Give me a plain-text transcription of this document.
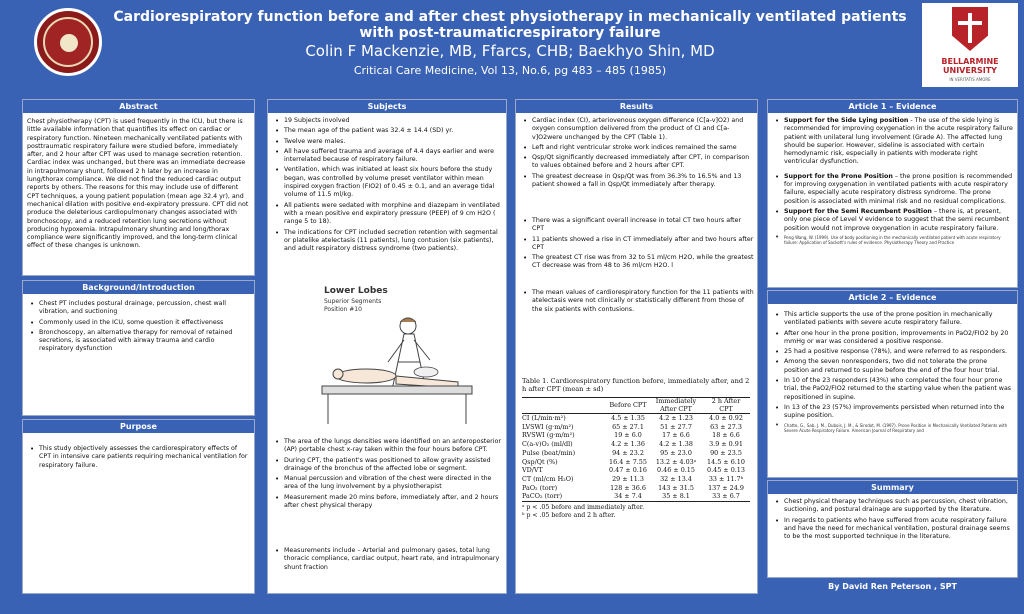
Cardiorespiratory function before and after chest physiotherapy in mechanically ventilated patients
with post-traumaticrespiratory failure
Colin F Mackenzie, MB, Ffarcs, CHB; Baekhyo Shin, MD
Critical Care Medicine, Vol 13, No.6, pg 483 – 485 (1985)
BELLARMINE UNIVERSITY
IN VERITATIS AMORE
Abstract
Chest physiotherapy (CPT) is used frequently in the ICU, but there is little available information that quantifies its effect on cardiac or respiratory function. Nineteen mechanically ventilated patients with posttraumatic respiratory failure were studied before, immediately after, and 2 hour after CPT was used to manage secretion retention. Cardiac index was unchanged, but there was an immediate decrease in intrapulmonary shunt, followed 2 h later by an increase in lung/thorax compliance. We did not find the reduced cardiac output reports by others. The reasons for this may include use of different CPT techniques, a young patient population (mean age 32.4 yr), and mechanical dilation with positive end-expiratory pressure. CPT did not produce the deleterious cardiopulmonary changes associated with bronchoscopy, and a reduced retention lung secretions without producing hypoxemia. Intrapulmonary shunting and long/thorax compliance were significantly improved, and the long-term clinical effect of these changes is unknown.
Background/Introduction
• Chest PT includes postural drainage, percussion, chest wall vibration, and suctioning
• Commonly used in the ICU, some question it effectiveness
• Bronchoscopy, an alternative therapy for removal of retained secretions, is associated with airway trauma and cardio respiratory dysfunction
Purpose
• This study objectively assesses the cardiorespiratory effects of CPT in intensive care patients requiring mechanical ventilation for respiratory failure.
Subjects
• 19 Subjects involved
• The mean age of the patient was 32.4 ± 14.4 (SD) yr.
• Twelve were males.
• All have suffered trauma and average of 4.4 days earlier and were interrelated because of respiratory failure.
• Ventilation, which was initiated at least six hours before the study began, was controlled by volume preset ventilator within mean inspired oxygen fraction (FIO2) of 0.45 ± 0.1, and an average tidal volume of 11.5 ml/kg.
• All patients were sedated with morphine and diazepam in ventilated with a mean positive end expiratory pressure (PEEP) of 9 cm H2O ( range 5 to 18).
• The indications for CPT included secretion retention with segmental or platelike atelectasis (11 patients), lung contusion (six patients), and adult respiratory distress syndrome (two patients).
Lower Lobes
Superior Segments
Position #10
• The area of the lungs densities were identified on an anteroposterior (AP) portable chest x-ray taken within the four hours before CPT.
• During CPT, the patient's was positioned to allow gravity assisted drainage of the bronchus of the affected lobe or segment.
• Manual percussion and vibration of the chest were directed in the area of the lung involvement by a physiotherapist
• Measurement made 20 mins before, immediately after, and 2 hours after chest physical therapy
• Measurements include – Arterial and pulmonary gases, total lung thoracic compliance, cardiac output, heart rate, and intrapulmonary shunt fraction
Results
• Cardiac index (CI), arteriovenous oxygen difference (C[a-v]O2) and oxygen consumption delivered from the product of CI and C[a-v]O2were unchanged by the CPT (Table 1).
• Left and right ventricular stroke work indices remained the same
• Qsp/Qt significantly decreased immediately after CPT, in comparison to values obtained before and 2 hours after CPT.
• The greatest decrease in Qsp/Qt was from 36.3% to 16.5% and 13 patient showed a fall in Qsp/Qt immediately after therapy.
• There was a significant overall increase in total CT two hours after CPT
• 11 patients showed a rise in CT immediately after and two hours after CPT
• The greatest CT rise was from 32 to 51 ml/cm H2O, while the greatest CT decrease was from 48 to 36 ml/cm H2O. l
• The mean values of cardiorespiratory function for the 11 patients with atelectasis were not clinically or statistically different from those of the six patients with contusions.
Table 1. Cardiorespiratory function before, immediately after, and 2 h after CPT (mean ± sd)
	Before CPT	Immediately After CPT	2 h After CPT
CI (L/min·m²)	4.5 ± 1.35	4.2 ± 1.23	4.0 ± 0.92
LVSWI (g·m/m²)	65 ± 27.1	51 ± 27.7	63 ± 27.3
RVSWI (g·m/m²)	19 ± 6.0	17 ± 6.6	18 ± 6.6
C(a-v)O₂ (ml/dl)	4.2 ± 1.36	4.2 ± 1.38	3.9 ± 0.91
Pulse (beat/min)	94 ± 23.2	95 ± 23.0	90 ± 23.5
Qsp/Qt (%)	16.4 ± 7.55	13.2 ± 4.03ᵃ	14.5 ± 6.10
VD/VT	0.47 ± 0.16	0.46 ± 0.15	0.45 ± 0.13
CT (ml/cm H₂O)	29 ± 11.3	32 ± 13.4	33 ± 11.7ᵇ
PaO₂ (torr)	128 ± 36.6	143 ± 31.5	137 ± 24.9
PaCO₂ (torr)	34 ± 7.4	35 ± 8.1	33 ± 6.7
ᵃ p < .05 before and immediately after.
ᵇ p < .05 before and 2 h after.
Article 1 – Evidence
• Support for the Side Lying position - The use of the side lying is recommended for improving oxygenation in the acute respiratory failure patient with unilateral lung involvement (Grade A). The affected lung should be superior. However, sideline is associated with certain hemodynamic risk, especially in patients with moderate right ventricular dysfunction.
• Support for the Prone Position – the prone position is recommended for improving oxygenation in ventilated patients with acute respiratory failure, especially acute respiratory distress syndrome. The prone position is associated with minimal risk and no residual complications.
• Support for the Semi Recumbent Position – there is, at present, only one piece of Level V evidence to suggest that the semi recumbent position would not improve oxygenation in acute respiratory failure.
• Peng Wang, W. (1999). Use of body positioning in the mechanically ventilated patient with acute respiratory failure: Application of Sackett's rules of evidence. Physiotherapy Theory and Practice
Article 2 – Evidence
• This article supports the use of the prone position in mechanically ventilated patients with severe acute respiratory failure.
• After one hour in the prone position, improvements in PaO2/FIO2 by 20 mmHg or war was considered a positive response.
• 25 had a positive response (78%), and were referred to as responders.
• Among the seven nonresponders, two did not tolerate the prone position and returned to supine before the end of the four hour trial.
• In 10 of the 23 responders (43%) who completed the four hour prone trial, the PaO2/FIO2 returned to the starting value when the patient was repositioned in supine.
• In 13 of the 23 (57%) improvements persisted when returned into the supine position.
• Chatte, G., Sab, J. M., Dubois, J. M., & Sirodot, M. (1997). Prone Position in Mechanically Ventilated Patients with Severe Acute Respiratory Failure. American Journal of Respiratory and
Summary
• Chest physical therapy techniques such as percussion, chest vibration, suctioning, and postural drainage are supported by the literature.
• In regards to patients who have suffered from acute respiratory failure and have the need for mechanical ventilation, postural drainage seems to be the most supported technique in the literature.
By David Ren Peterson , SPT
